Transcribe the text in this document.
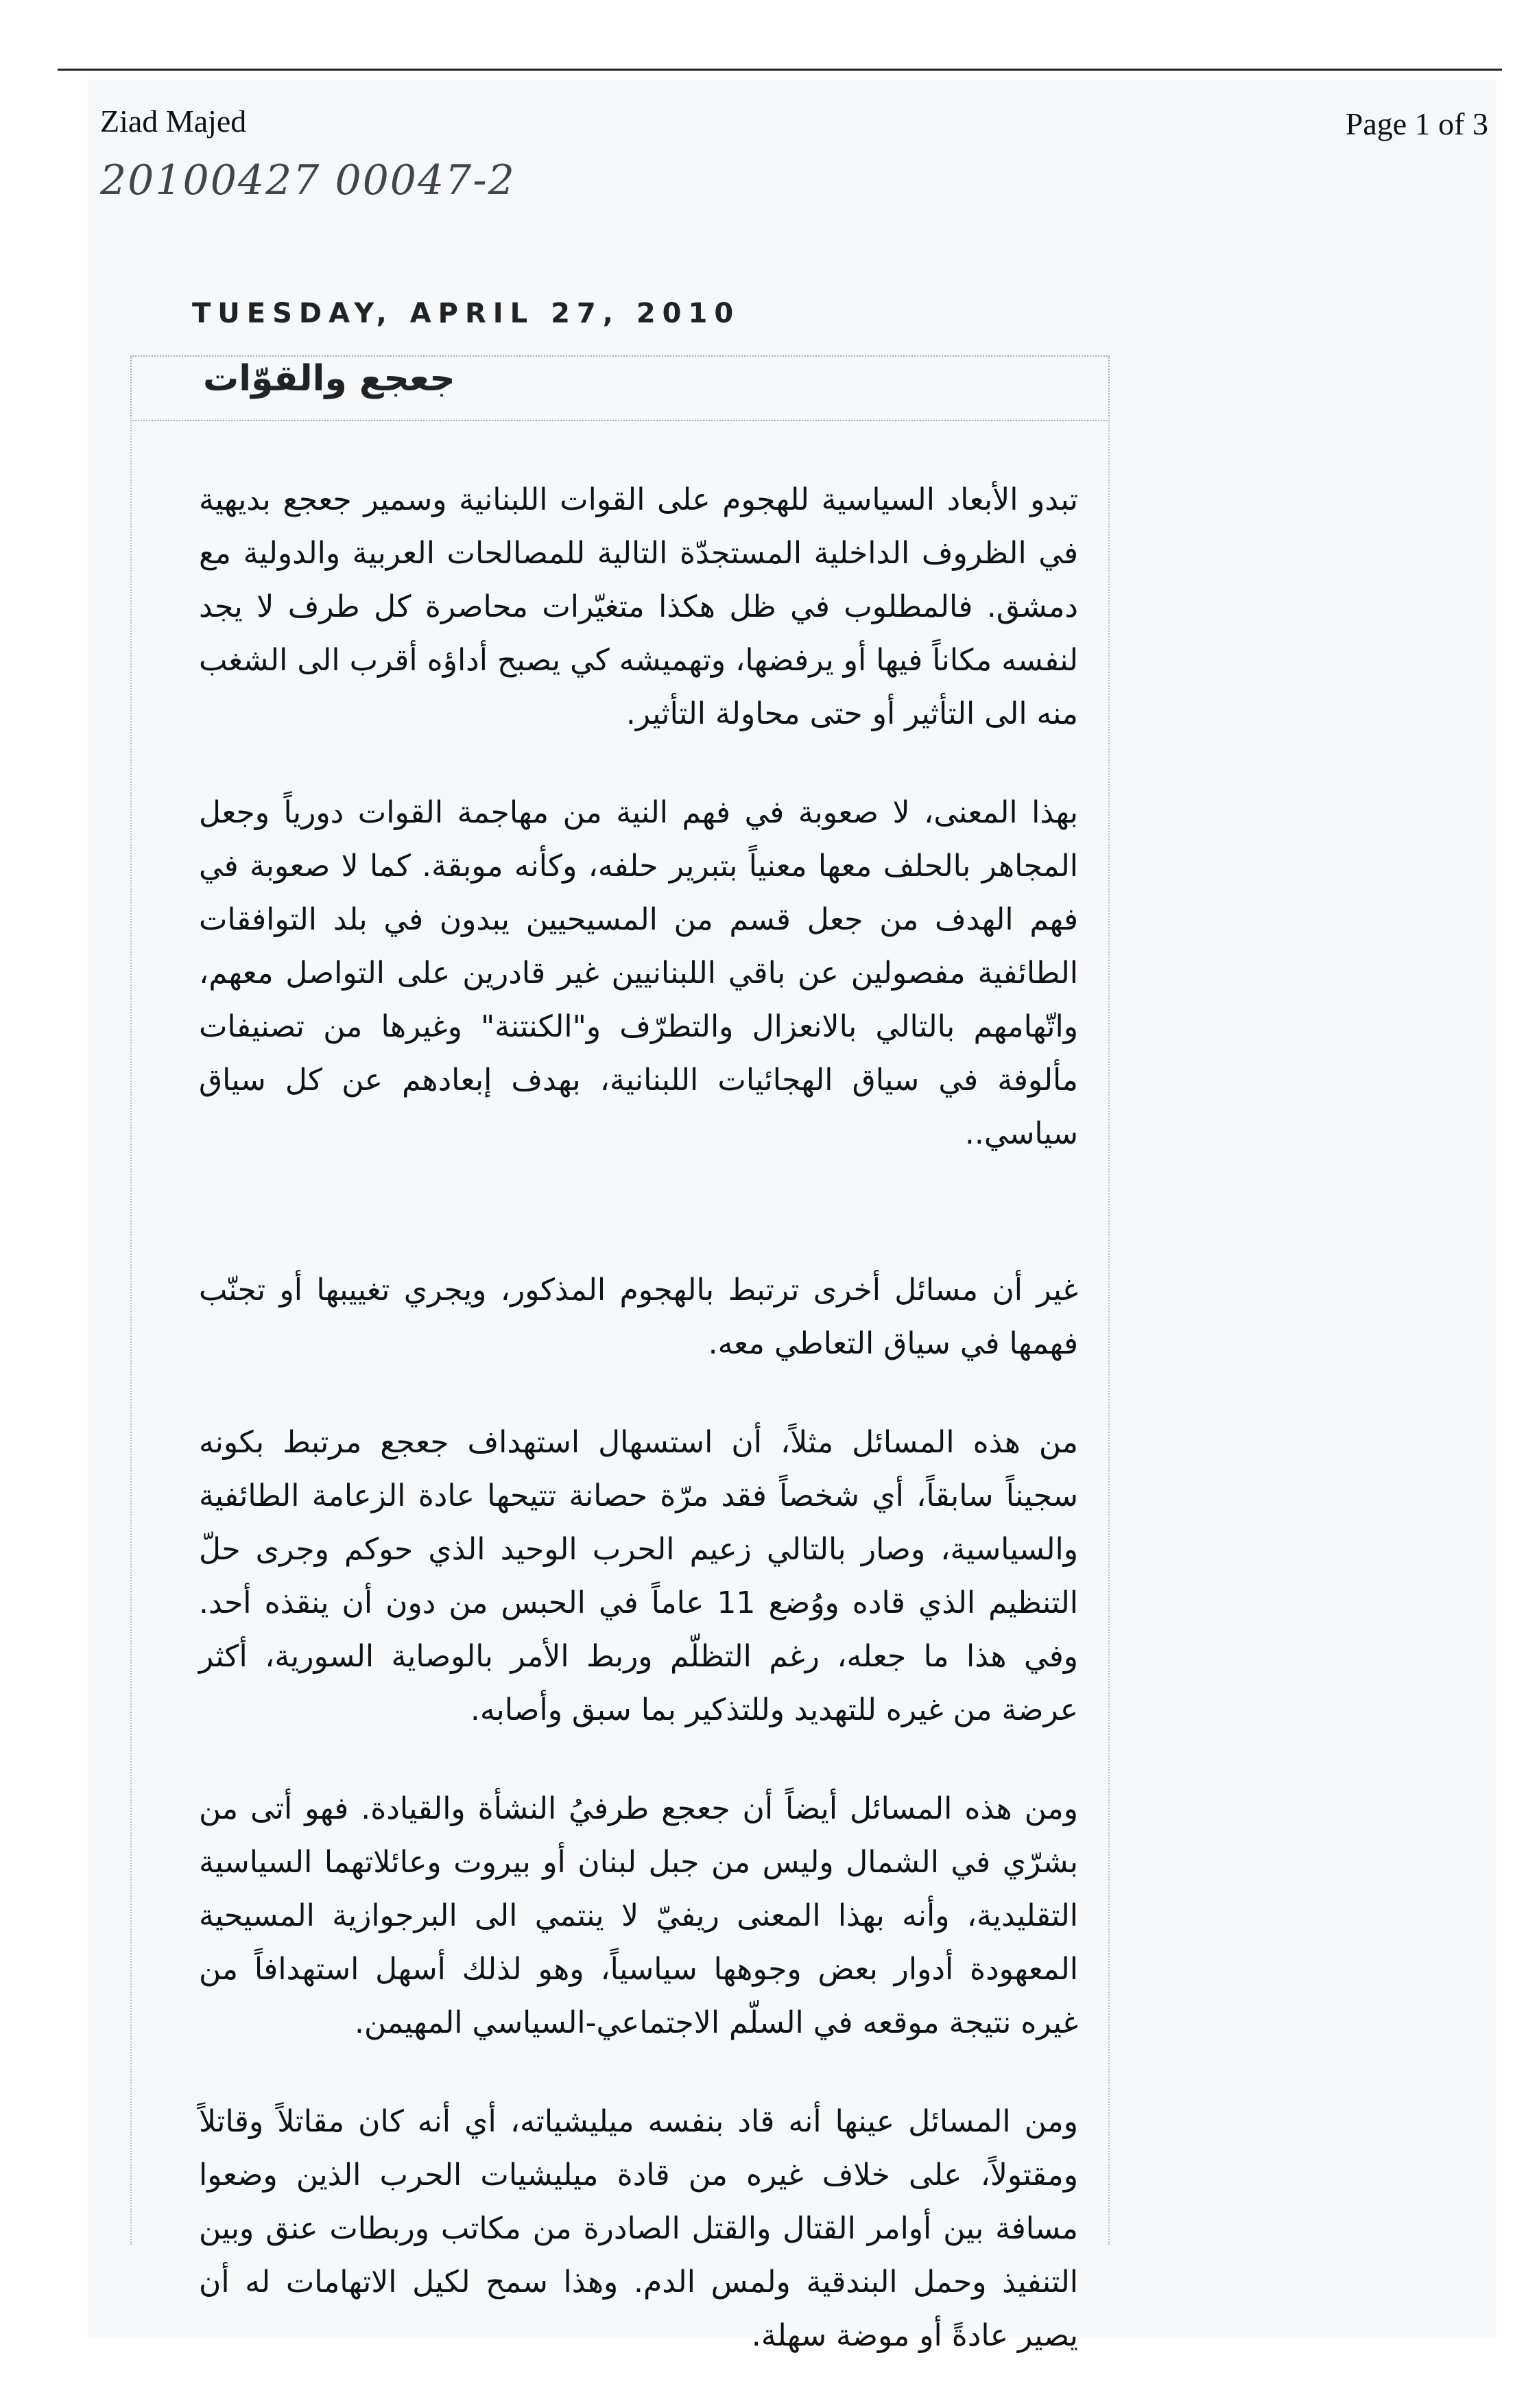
Ziad Majed	Page 1 of 3
20100427 00047-2
TUESDAY, APRIL 27, 2010
جعجع والقوّات

تبدو الأبعاد السياسية للهجوم على القوات اللبنانية وسمير جعجع بديهية في الظروف الداخلية المستجدّة التالية للمصالحات العربية والدولية مع دمشق. فالمطلوب في ظل هكذا متغيّرات محاصرة كل طرف لا يجد لنفسه مكاناً فيها أو يرفضها، وتهميشه كي يصبح أداؤه أقرب الى الشغب منه الى التأثير أو حتى محاولة التأثير.

بهذا المعنى، لا صعوبة في فهم النية من مهاجمة القوات دورياً وجعل المجاهر بالحلف معها معنياً بتبرير حلفه، وكأنه موبقة. كما لا صعوبة في فهم الهدف من جعل قسم من المسيحيين يبدون في بلد التوافقات الطائفية مفصولين عن باقي اللبنانيين غير قادرين على التواصل معهم، واتّهامهم بالتالي بالانعزال والتطرّف و"الكنتنة" وغيرها من تصنيفات مألوفة في سياق الهجائيات اللبنانية، بهدف إبعادهم عن كل سياق سياسي..

غير أن مسائل أخرى ترتبط بالهجوم المذكور، ويجري تغييبها أو تجنّب فهمها في سياق التعاطي معه.

من هذه المسائل مثلاً، أن استسهال استهداف جعجع مرتبط بكونه سجيناً سابقاً، أي شخصاً فقد مرّة حصانة تتيحها عادة الزعامة الطائفية والسياسية، وصار بالتالي زعيم الحرب الوحيد الذي حوكم وجرى حلّ التنظيم الذي قاده ووُضع 11 عاماً في الحبس من دون أن ينقذه أحد. وفي هذا ما جعله، رغم التظلّم وربط الأمر بالوصاية السورية، أكثر عرضة من غيره للتهديد وللتذكير بما سبق وأصابه.

ومن هذه المسائل أيضاً أن جعجع طرفيُ النشأة والقيادة. فهو أتى من بشرّي في الشمال وليس من جبل لبنان أو بيروت وعائلاتهما السياسية التقليدية، وأنه بهذا المعنى ريفيّ لا ينتمي الى البرجوازية المسيحية المعهودة أدوار بعض وجوهها سياسياً، وهو لذلك أسهل استهدافاً من غيره نتيجة موقعه في السلّم الاجتماعي-السياسي المهيمن.

ومن المسائل عينها أنه قاد بنفسه ميليشياته، أي أنه كان مقاتلاً وقاتلاً ومقتولاً، على خلاف غيره من قادة ميليشيات الحرب الذين وضعوا مسافة بين أوامر القتال والقتل الصادرة من مكاتب وربطات عنق وبين التنفيذ وحمل البندقية ولمس الدم. وهذا سمح لكيل الاتهامات له أن يصير عادةً أو موضة سهلة.
